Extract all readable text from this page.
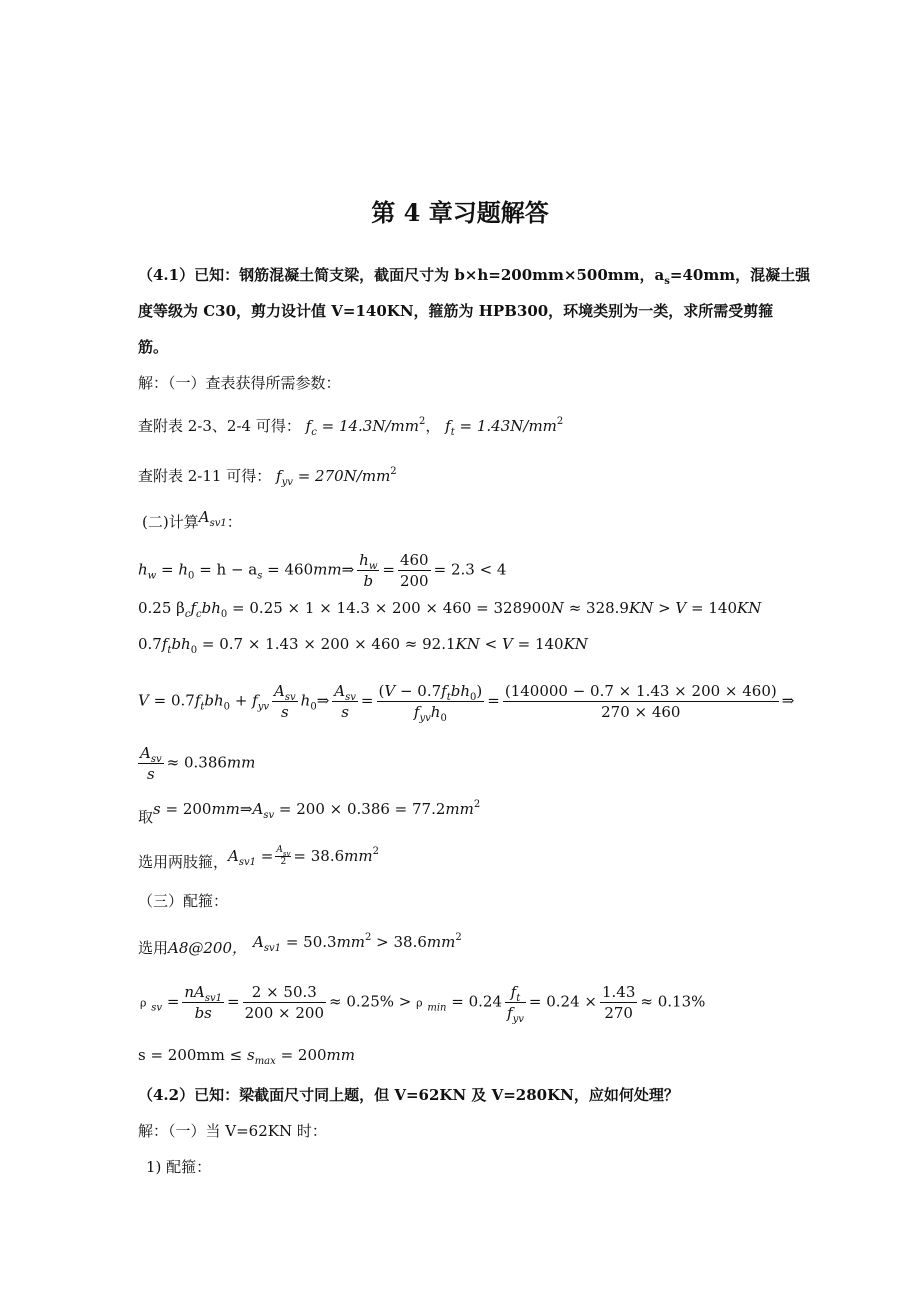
第 4 章习题解答
（4.1）已知：钢筋混凝土简支梁，截面尺寸为 b×h=200mm×500mm，$a_s=40mm$，混凝土强
度等级为 C30，剪力设计值 V=140KN，箍筋为 HPB300，环境类别为一类，求所需受剪箍
筋。
解：（一）查表获得所需参数：
查附表 2-3、2-4 可得： $f_c = 14.3N/mm^2$， $f_t = 1.43N/mm^2$
查附表 2-11 可得： $f_{yv} = 270N/mm^2$
(二)计算$A_{sv1}$：
$h_w = h_0 = h - a_s$ = 460mm⇒ $\frac{h_w}{b} = \frac{460}{200} = 2.3 < 4$
0.25 $\beta_cf_cbh_0 = 0.25 \times 1 \times 14.3 \times 200 \times 460 = 328900N \approx 328.9KN > V = 140KN$
$0.7f_tbh_0 = 0.7 \times 1.43 \times 200 \times 460 \approx 92.1KN < V = 140KN$
$V = 0.7f_tbh_0 + f_{yv} \frac{A_{sv}}{s}$ $h_0\Rightarrow \frac{A_{sv}}{s} = \frac{(V - 0.7f_tbh_0)}{f_{yv}h_0} = \frac{(140000 - 0.7 \times 1.43 \times 200 \times 460)}{270 \times 460}$ ⇒
$\frac{A_{sv}}{s} \approx 0.386mm$
取$s = 200mm\Rightarrow A_{sv} = 200 \times 0.386 = 77.2mm^2$
选用两肢箍，$A_{sv1} = A_{sv}$
$2 = 38.6mm^2$
（三）配箍：
选用A8@200， $A_{sv1} = 50.3mm^2 > 38.6mm^2$
ρ $_{sv} = \frac{nA_{sv1}}{bs} = \frac{2 \times 50.3}{200 \times 200} \approx 0.25\% > \rho$ $_{min} = 0.24 \frac{f_t}{f_{yv}} = 0.24 \times \frac{1.43}{270} \approx 0.13\%$
$s = 200mm \le s_{max} = 200mm$
（4.2）已知：梁截面尺寸同上题，但 V=62KN 及 V=280KN，应如何处理？
解：（一）当 V=62KN 时：
1) 配箍：
